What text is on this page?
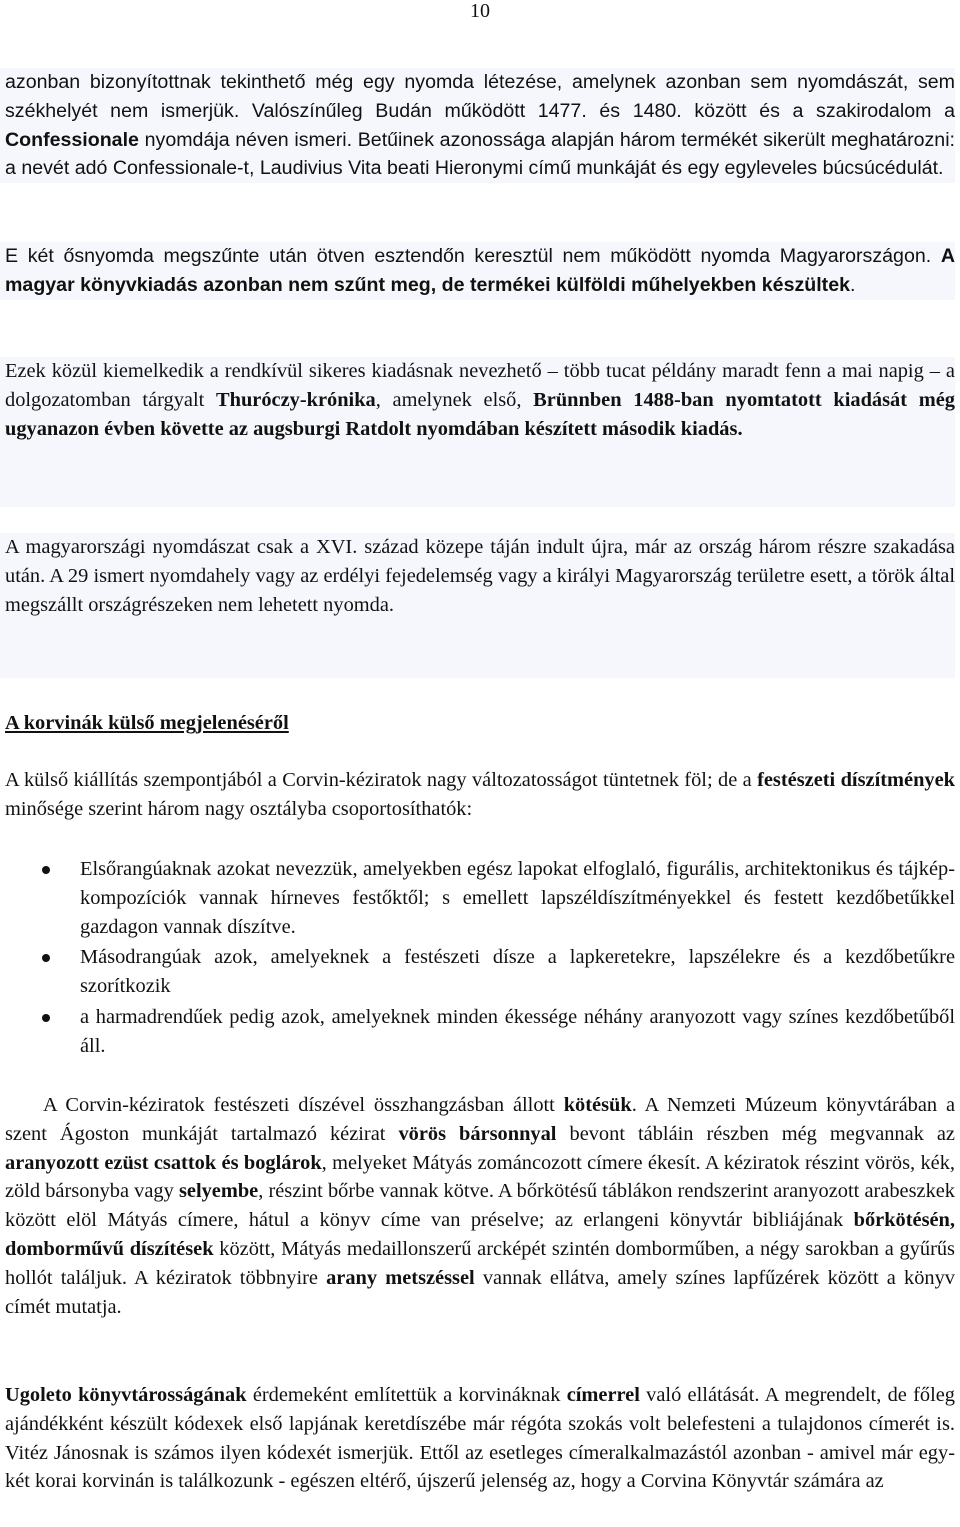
10

azonban bizonyítottnak tekinthető még egy nyomda létezése, amelynek azonban sem nyomdászát, sem székhelyét nem ismerjük. Valószínűleg Budán működött 1477. és 1480. között és a szakirodalom a Confessionale nyomdája néven ismeri. Betűinek azonossága alapján három termékét sikerült meghatározni: a nevét adó Confessionale-t, Laudivius Vita beati Hieronymi című munkáját és egy egyleveles búcsúcédulát.

E két ősnyomda megszűnte után ötven esztendőn keresztül nem működött nyomda Magyarországon. A magyar könyvkiadás azonban nem szűnt meg, de termékei külföldi műhelyekben készültek.

Ezek közül kiemelkedik a rendkívül sikeres kiadásnak nevezhető – több tucat példány maradt fenn a mai napig – a dolgozatomban tárgyalt Thuróczy-krónika, amelynek első, Brünnben 1488-ban nyomtatott kiadását még ugyanazon évben követte az augsburgi Ratdolt nyomdában készített második kiadás.

A magyarországi nyomdászat csak a XVI. század közepe táján indult újra, már az ország három részre szakadása után. A 29 ismert nyomdahely vagy az erdélyi fejedelemség vagy a királyi Magyarország területre esett, a török által megszállt országrészeken nem lehetett nyomda.

A korvinák külső megjelenéséről

A külső kiállítás szempontjából a Corvin-kéziratok nagy változatosságot tüntetnek föl; de a festészeti díszítmények minősége szerint három nagy osztályba csoportosíthatók:

Elsőrangúaknak azokat nevezzük, amelyekben egész lapokat elfoglaló, figurális, architektonikus és tájkép-kompozíciók vannak hírneves festőktől; s emellett lapszéldíszítményekkel és festett kezdőbetűkkel gazdagon vannak díszítve.
Másodrangúak azok, amelyeknek a festészeti dísze a lapkeretekre, lapszélekre és a kezdőbetűkre szorítkozik
a harmadrendűek pedig azok, amelyeknek minden ékessége néhány aranyozott vagy színes kezdőbetűből áll.

A Corvin-kéziratok festészeti díszével összhangzásban állott kötésük. A Nemzeti Múzeum könyvtárában a szent Ágoston munkáját tartalmazó kézirat vörös bársonnyal bevont tábláin részben még megvannak az aranyozott ezüst csattok és boglárok, melyeket Mátyás zománcozott címere ékesít. A kéziratok részint vörös, kék, zöld bársonyba vagy selyembe, részint bőrbe vannak kötve. A bőrkötésű táblákon rendszerint aranyozott arabeszkek között elöl Mátyás címere, hátul a könyv címe van préselve; az erlangeni könyvtár bibliájának bőrkötésén, domborművű díszítések között, Mátyás medaillonszerű arcképét szintén domborműben, a négy sarokban a gyűrűs hollót találjuk. A kéziratok többnyire arany metszéssel vannak ellátva, amely színes lapfűzérek között a könyv címét mutatja.

Ugoleto könyvtárosságának érdemeként említettük a korvináknak címerrel való ellátását. A megrendelt, de főleg ajándékként készült kódexek első lapjának keretdíszébe már régóta szokás volt belefesteni a tulajdonos címerét is. Vitéz Jánosnak is számos ilyen kódexét ismerjük. Ettől az esetleges címeralkalmazástól azonban - amivel már egy-két korai korvinán is találkozunk - egészen eltérő, újszerű jelenség az, hogy a Corvina Könyvtár számára az
